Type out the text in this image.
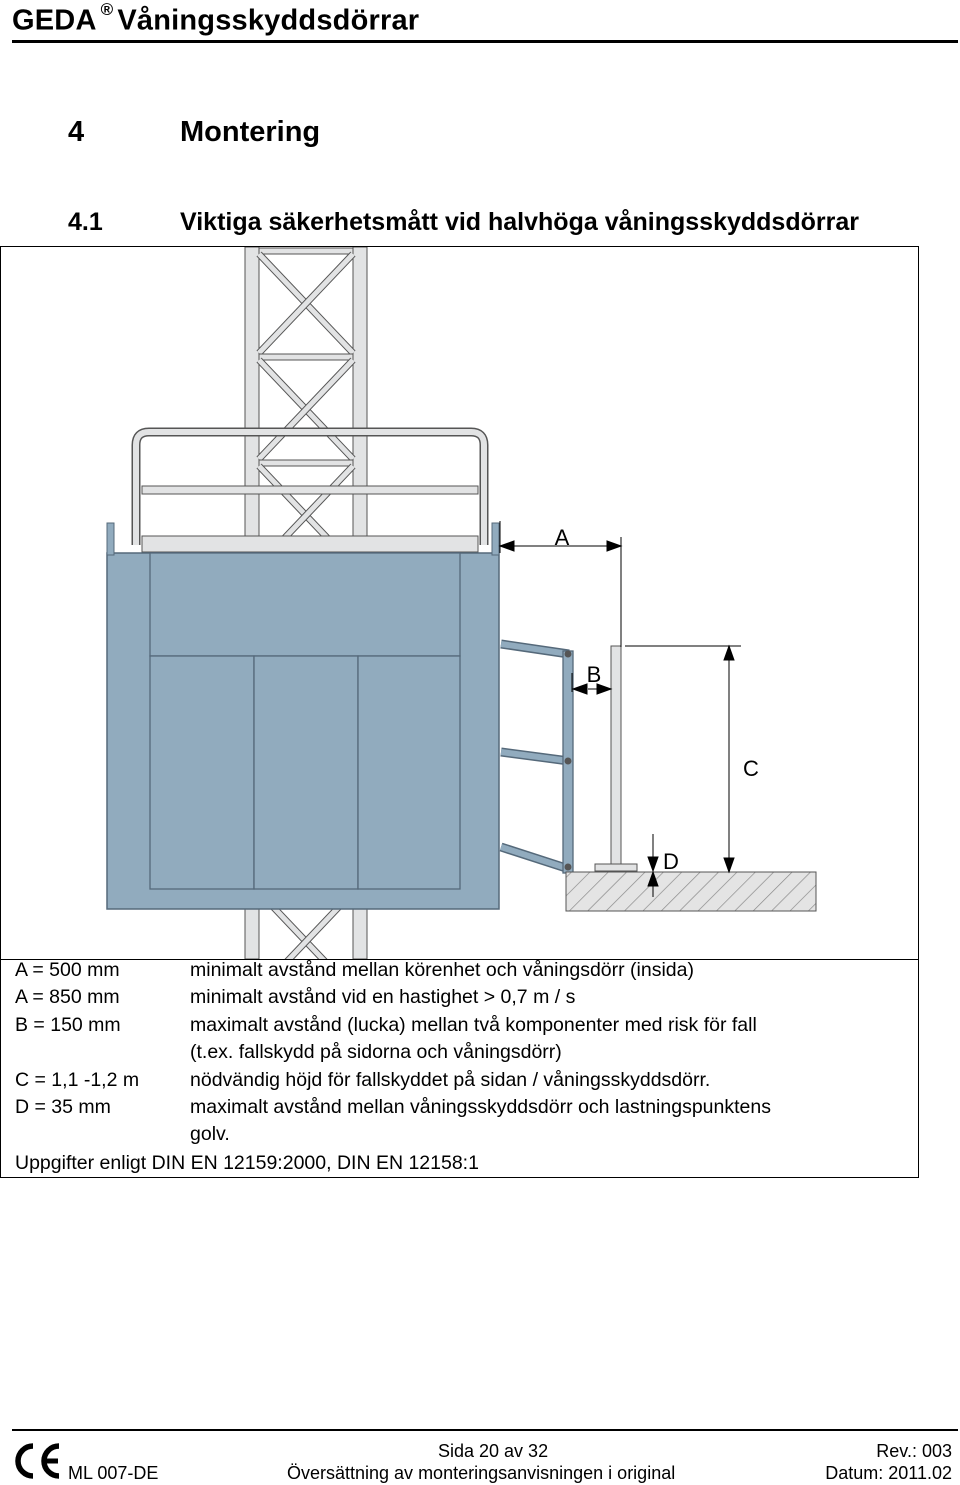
GEDA ® Våningsskyddsdörrar
4	Montering
4.1	Viktiga säkerhetsmått vid halvhöga våningsskyddsdörrar
A
B
C
D
A = 500 mm	minimalt avstånd mellan körenhet och våningsdörr (insida)
A = 850 mm	minimalt avstånd vid en hastighet > 0,7 m / s
B = 150 mm	maximalt avstånd (lucka) mellan två komponenter med risk för fall
(t.ex. fallskydd på sidorna och våningsdörr)
C = 1,1 -1,2 m	nödvändig höjd för fallskyddet på sidan / våningsskyddsdörr.
D = 35 mm	maximalt avstånd mellan våningsskyddsdörr och lastningspunktens
golv.
Uppgifter enligt DIN EN 12159:2000, DIN EN 12158:1
ML 007-DE
Sida 20 av 32
Översättning av monteringsanvisningen i original
Rev.: 003
Datum: 2011.02
